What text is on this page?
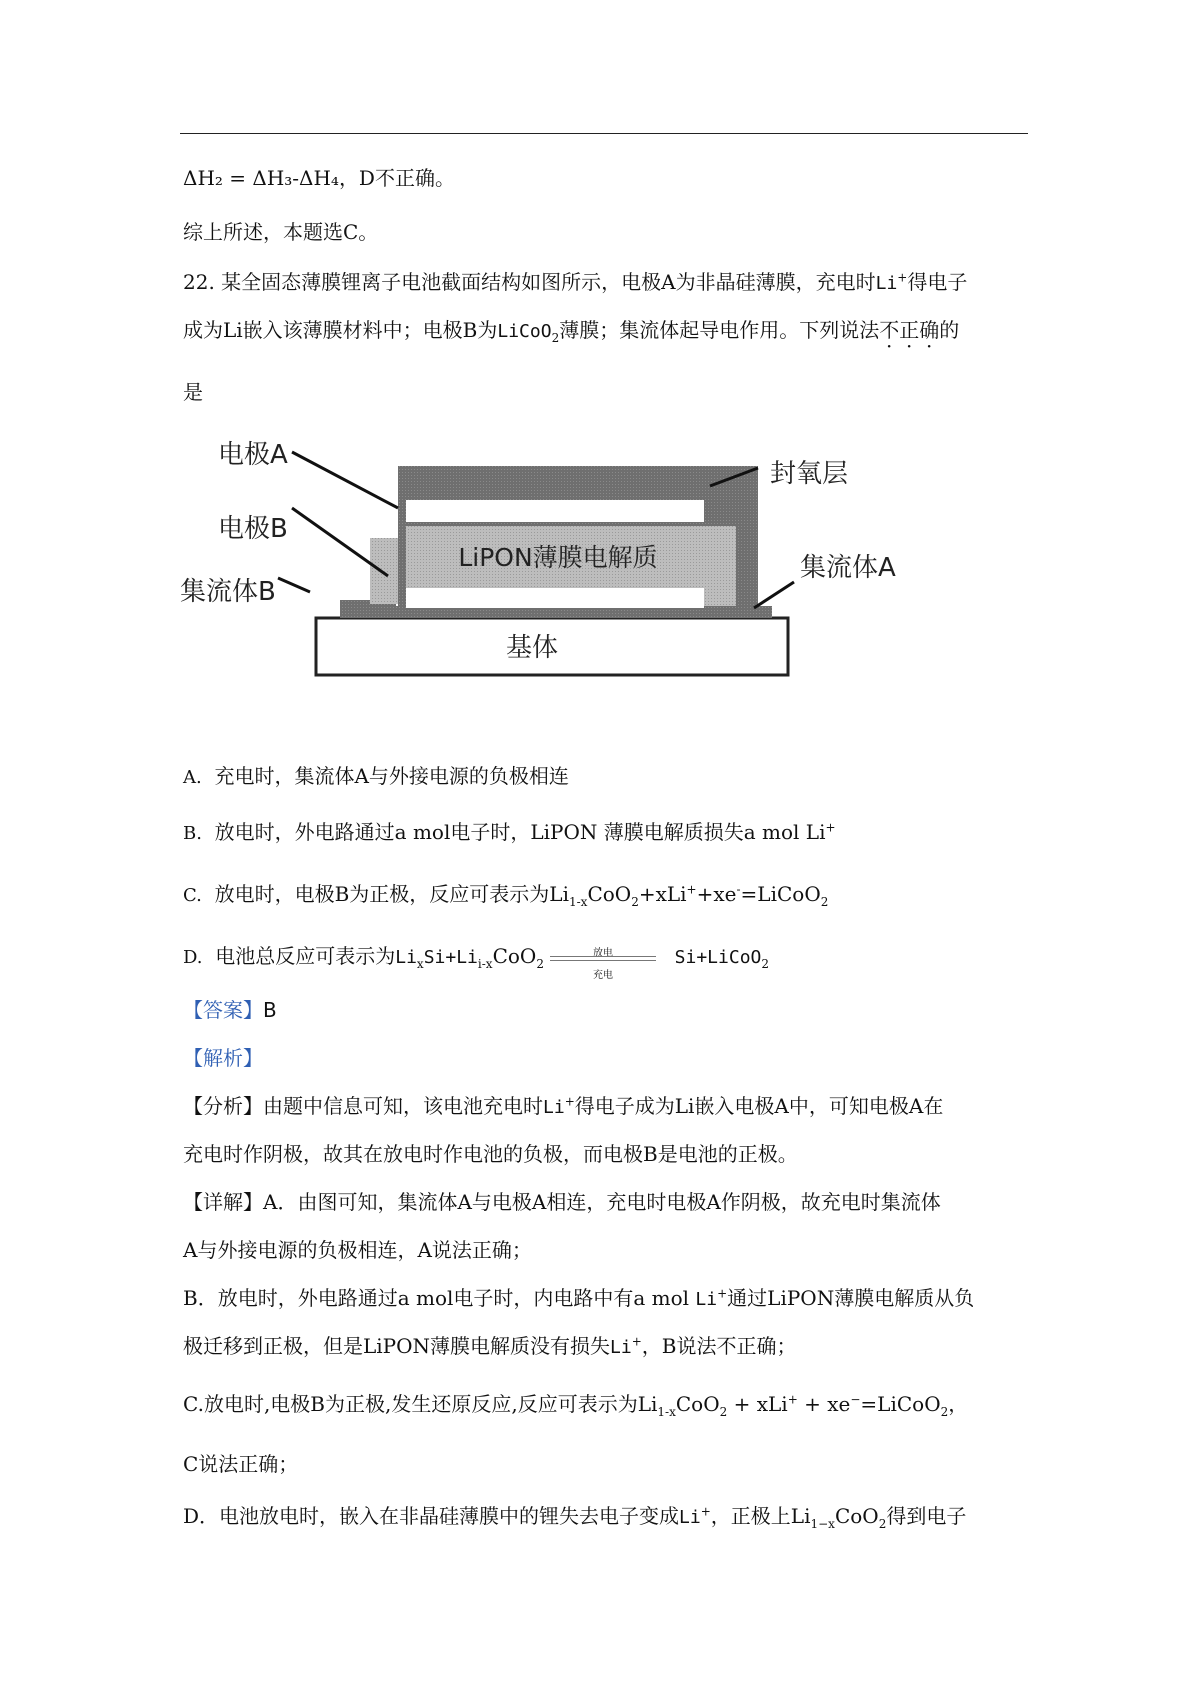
ΔH₂ = ΔH₃-ΔH₄，D不正确。
综上所述，本题选C。
22. 某全固态薄膜锂离子电池截面结构如图所示，电极A为非晶硅薄膜，充电时Li+得电子
成为Li嵌入该薄膜材料中；电极B为LiCoO$_2$薄膜；集流体起导电作用。下列说法不正确的
是
基体
LiPON薄膜电解质
电极A
电极B
集流体B
封氧层
集流体A
A. 充电时，集流体A与外接电源的负极相连
B. 放电时，外电路通过a mol电子时，LiPON 薄膜电解质损失a mol Li+
C. 放电时，电极B为正极，反应可表示为$Li_{1-x}CoO_2+xLi^++xe^-=LiCoO_2$
D. 电池总反应可表示为$Li_xSi+Li_{i-x}CoO_2$
放电
充电
Si+LiCoO$_2$
【答案】B
【解析】
【分析】由题中信息可知，该电池充电时Li+得电子成为Li嵌入电极A中，可知电极A在
充电时作阴极，故其在放电时作电池的负极，而电极B是电池的正极。
【详解】A．由图可知，集流体A与电极A相连，充电时电极A作阴极，故充电时集流体
A与外接电源的负极相连，A说法正确；
B．放电时，外电路通过a mol电子时，内电路中有a mol Li+通过LiPON薄膜电解质从负
极迁移到正极，但是LiPON薄膜电解质没有损失Li+，B说法不正确；
C.放电时,电极B为正极,发生还原反应,反应可表示为$Li_{1-x}CoO_2 + xLi^+$ + xe−=LiCoO$_2$，
C说法正确；
D．电池放电时，嵌入在非晶硅薄膜中的锂失去电子变成Li+，正极上$Li_{1-x}CoO_2$得到电子
